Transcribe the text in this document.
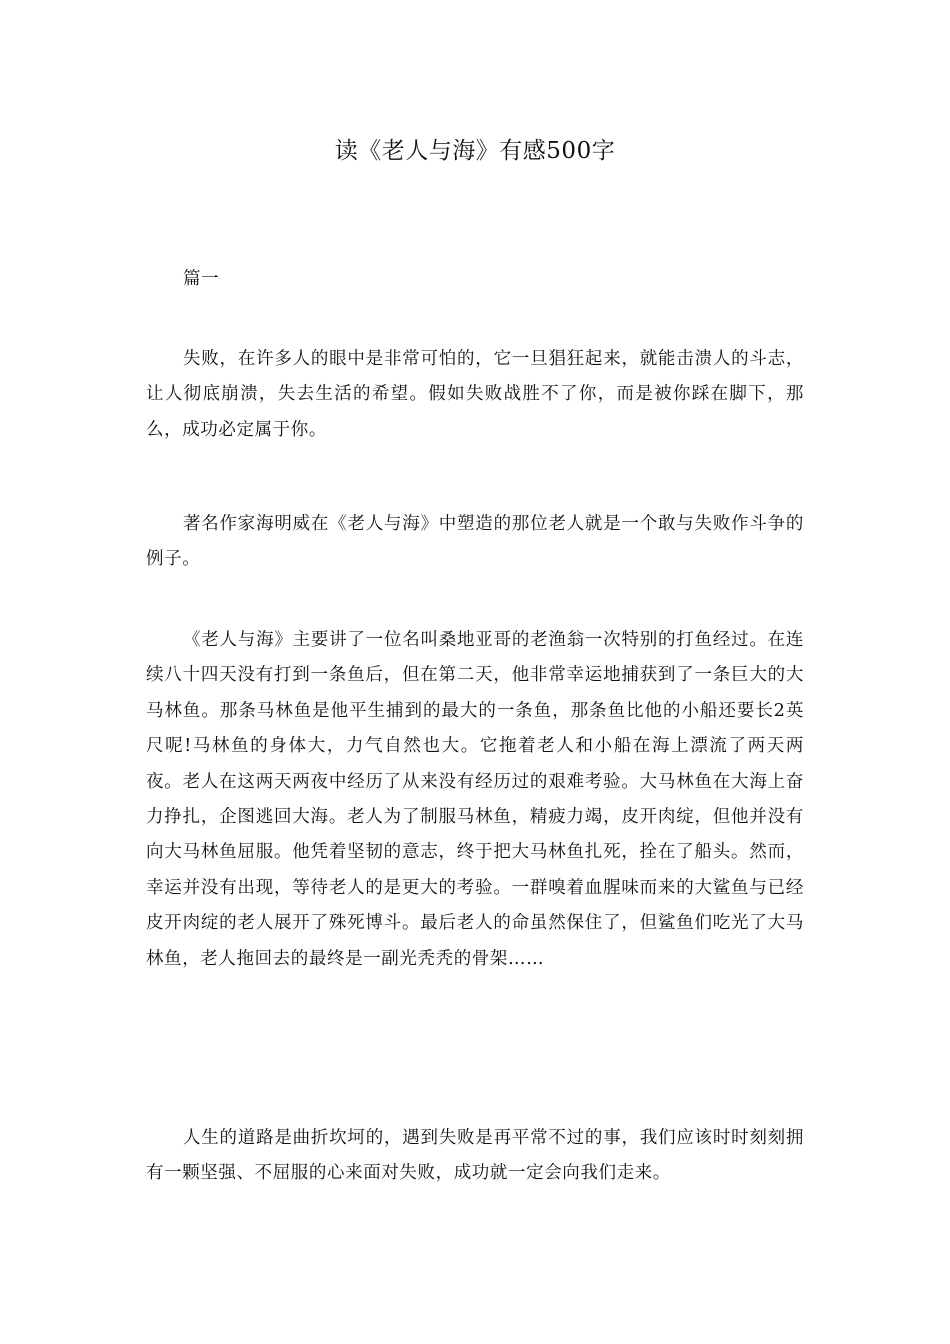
读《老人与海》有感500字

篇一

失败，在许多人的眼中是非常可怕的，它一旦猖狂起来，就能击溃人的斗志，让人彻底崩溃，失去生活的希望。假如失败战胜不了你，而是被你踩在脚下，那么，成功必定属于你。

著名作家海明威在《老人与海》中塑造的那位老人就是一个敢与失败作斗争的例子。

《老人与海》主要讲了一位名叫桑地亚哥的老渔翁一次特别的打鱼经过。在连续八十四天没有打到一条鱼后，但在第二天，他非常幸运地捕获到了一条巨大的大马林鱼。那条马林鱼是他平生捕到的最大的一条鱼，那条鱼比他的小船还要长2英尺呢!马林鱼的身体大，力气自然也大。它拖着老人和小船在海上漂流了两天两夜。老人在这两天两夜中经历了从来没有经历过的艰难考验。大马林鱼在大海上奋力挣扎，企图逃回大海。老人为了制服马林鱼，精疲力竭，皮开肉绽，但他并没有向大马林鱼屈服。他凭着坚韧的意志，终于把大马林鱼扎死，拴在了船头。然而，幸运并没有出现，等待老人的是更大的考验。一群嗅着血腥味而来的大鲨鱼与已经皮开肉绽的老人展开了殊死博斗。最后老人的命虽然保住了，但鲨鱼们吃光了大马林鱼，老人拖回去的最终是一副光秃秃的骨架……

人生的道路是曲折坎坷的，遇到失败是再平常不过的事，我们应该时时刻刻拥有一颗坚强、不屈服的心来面对失败，成功就一定会向我们走来。
